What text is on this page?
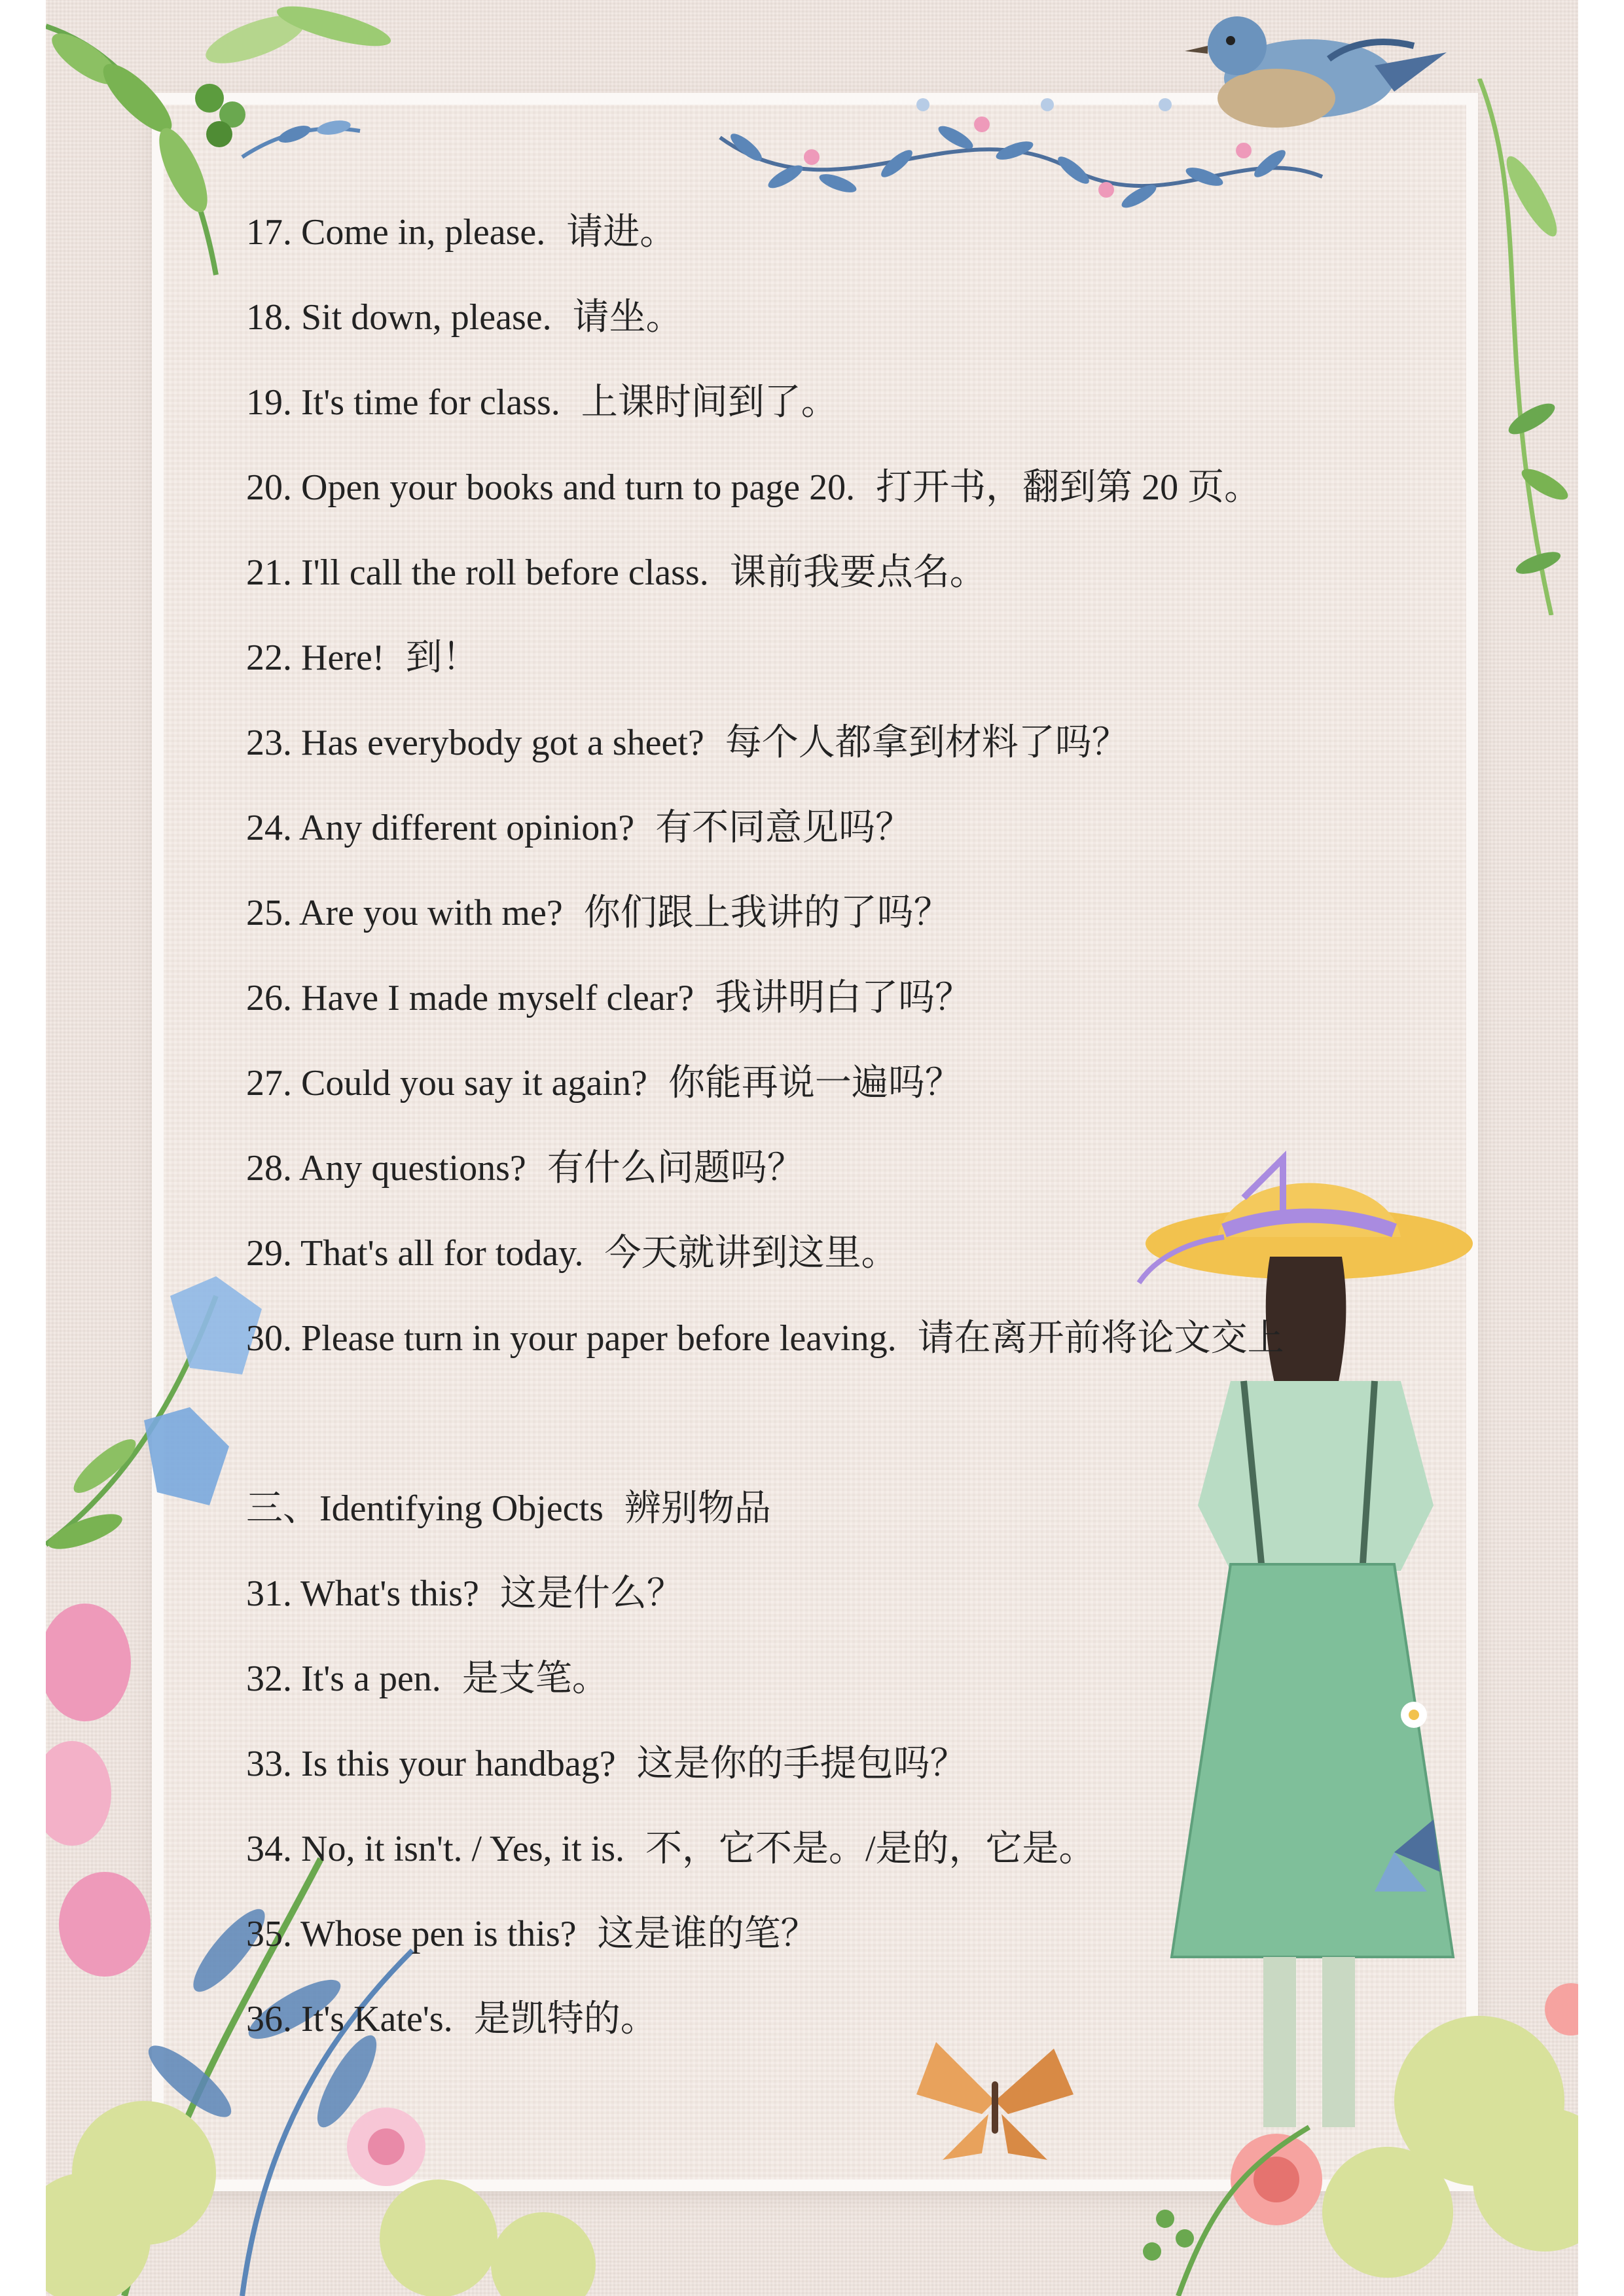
17. Come in, please. 请进。
18. Sit down, please. 请坐。
19. It's time for class. 上课时间到了。
20. Open your books and turn to page 20. 打开书，翻到第 20 页。
21. I'll call the roll before class. 课前我要点名。
22. Here! 到！
23. Has everybody got a sheet? 每个人都拿到材料了吗？
24. Any different opinion? 有不同意见吗？
25. Are you with me? 你们跟上我讲的了吗？
26. Have I made myself clear? 我讲明白了吗？
27. Could you say it again? 你能再说一遍吗？
28. Any questions? 有什么问题吗？
29. That's all for today. 今天就讲到这里。
30. Please turn in your paper before leaving. 请在离开前将论文交上
三、Identifying Objects 辨别物品
31. What's this? 这是什么？
32. It's a pen. 是支笔。
33. Is this your handbag? 这是你的手提包吗？
34. No, it isn't. / Yes, it is. 不，它不是。/是的，它是。
35. Whose pen is this? 这是谁的笔？
36. It's Kate's. 是凯特的。
